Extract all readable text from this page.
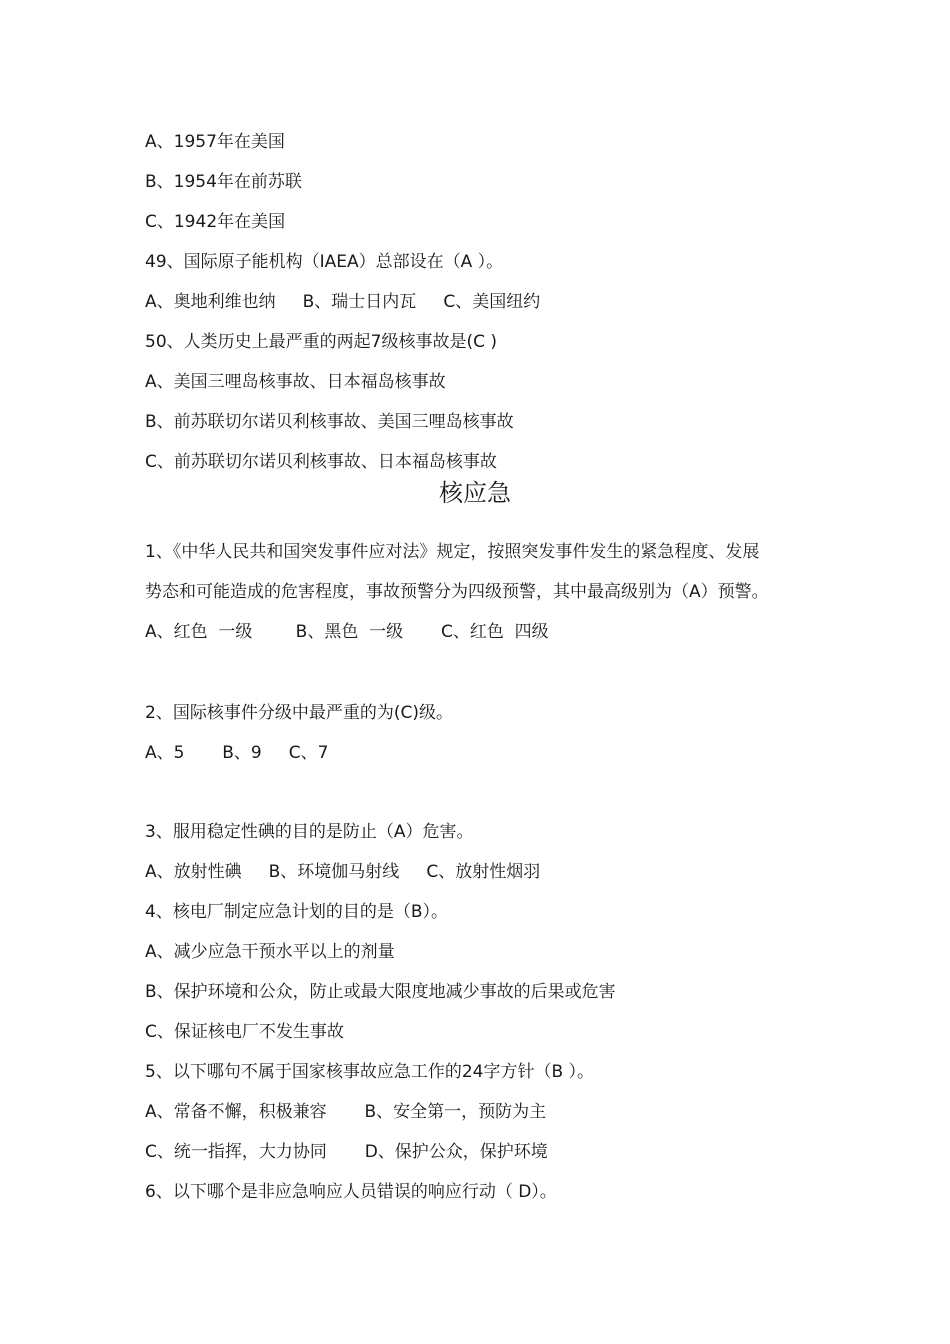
A、1957年在美国
B、1954年在前苏联
C、1942年在美国
49、国际原子能机构（IAEA）总部设在（A ）。
A、奥地利维也纳     B、瑞士日内瓦     C、美国纽约
50、人类历史上最严重的两起7级核事故是(C )
A、美国三哩岛核事故、日本福岛核事故
B、前苏联切尔诺贝利核事故、美国三哩岛核事故
C、前苏联切尔诺贝利核事故、日本福岛核事故
核应急
1、《中华人民共和国突发事件应对法》规定，按照突发事件发生的紧急程度、发展
势态和可能造成的危害程度，事故预警分为四级预警，其中最高级别为（A）预警。
A、红色  一级        B、黑色  一级       C、红色  四级
2、国际核事件分级中最严重的为(C)级。
A、5       B、9     C、7
3、服用稳定性碘的目的是防止（A）危害。
A、放射性碘     B、环境伽马射线     C、放射性烟羽
4、核电厂制定应急计划的目的是（B）。
A、减少应急干预水平以上的剂量
B、保护环境和公众，防止或最大限度地减少事故的后果或危害
C、保证核电厂不发生事故
5、以下哪句不属于国家核事故应急工作的24字方针（B ）。
A、常备不懈，积极兼容       B、安全第一，预防为主
C、统一指挥，大力协同       D、保护公众，保护环境
6、以下哪个是非应急响应人员错误的响应行动（ D）。
